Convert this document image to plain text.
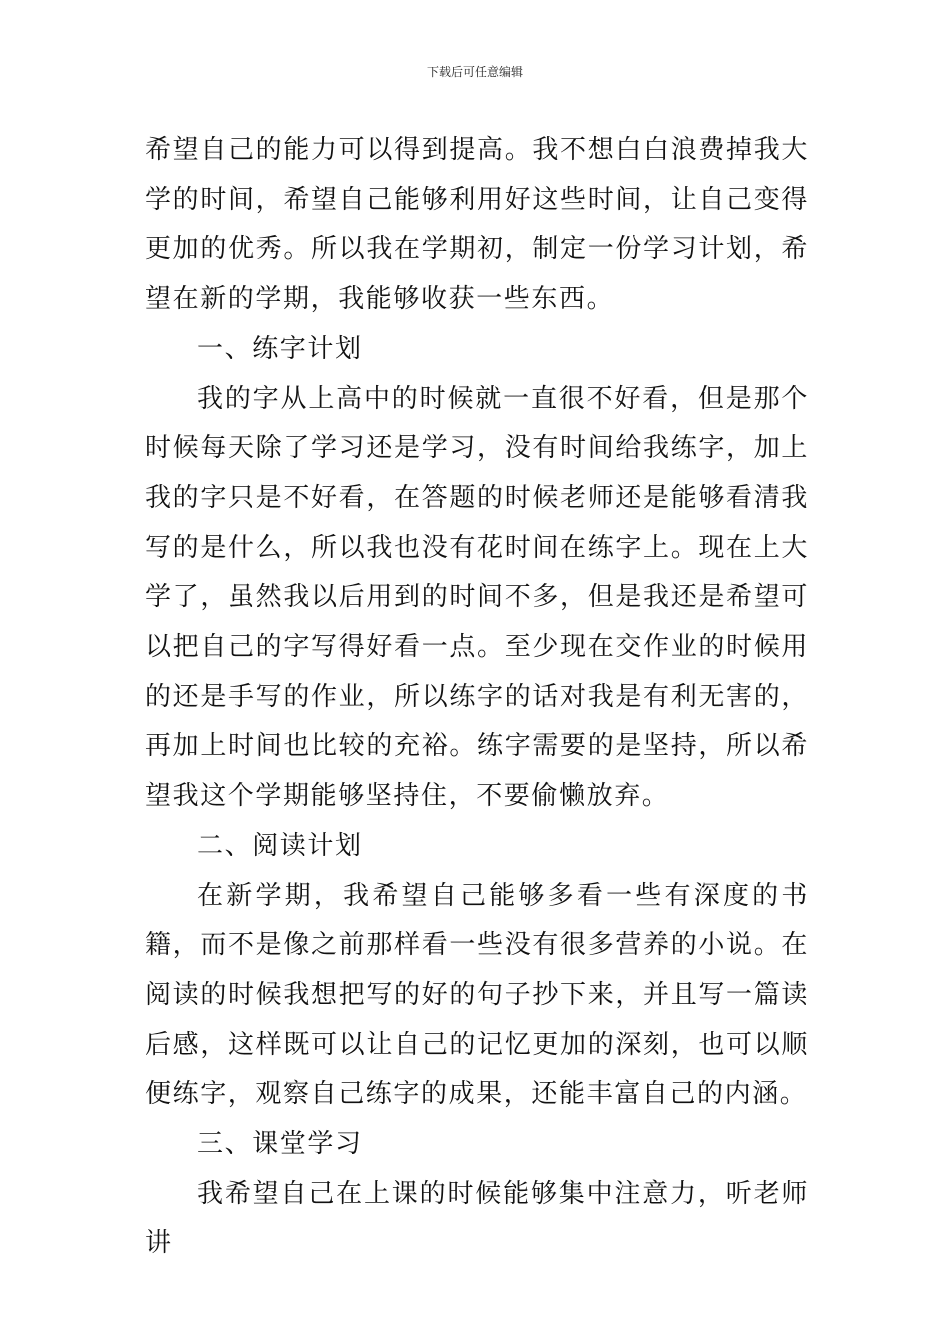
下载后可任意编辑

希望自己的能力可以得到提高。我不想白白浪费掉我大学的时间，希望自己能够利用好这些时间，让自己变得更加的优秀。所以我在学期初，制定一份学习计划，希望在新的学期，我能够收获一些东西。

一、练字计划

我的字从上高中的时候就一直很不好看，但是那个时候每天除了学习还是学习，没有时间给我练字，加上我的字只是不好看，在答题的时候老师还是能够看清我写的是什么，所以我也没有花时间在练字上。现在上大学了，虽然我以后用到的时间不多，但是我还是希望可以把自己的字写得好看一点。至少现在交作业的时候用的还是手写的作业，所以练字的话对我是有利无害的，再加上时间也比较的充裕。练字需要的是坚持，所以希望我这个学期能够坚持住，不要偷懒放弃。

二、阅读计划

在新学期，我希望自己能够多看一些有深度的书籍，而不是像之前那样看一些没有很多营养的小说。在阅读的时候我想把写的好的句子抄下来，并且写一篇读后感，这样既可以让自己的记忆更加的深刻，也可以顺便练字，观察自己练字的成果，还能丰富自己的内涵。

三、课堂学习

我希望自己在上课的时候能够集中注意力，听老师讲
